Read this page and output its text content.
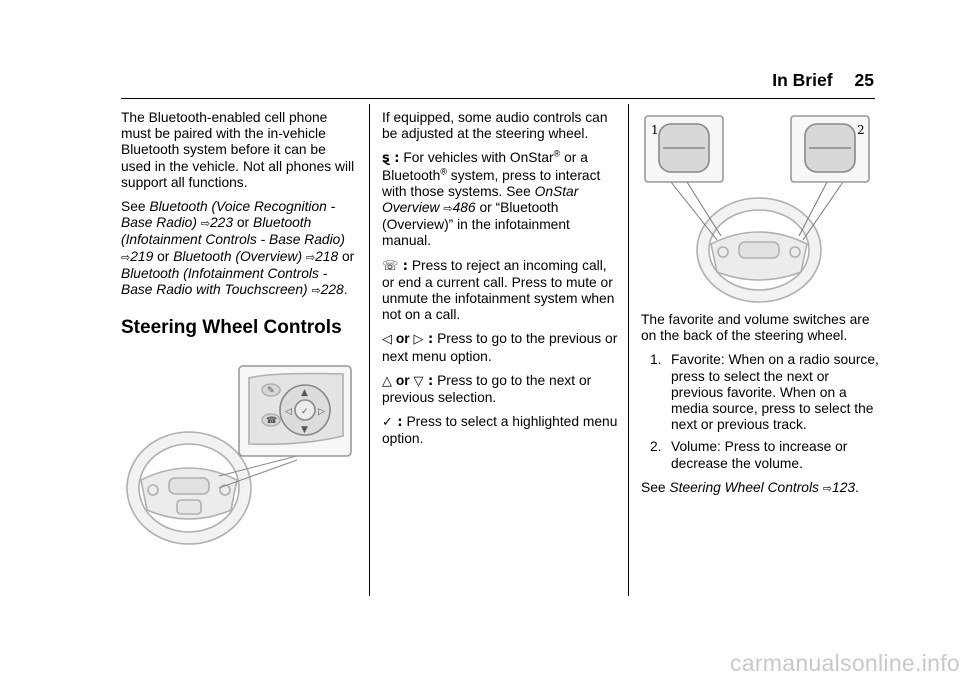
In Brief 25

The Bluetooth-enabled cell phone must be paired with the in-vehicle Bluetooth system before it can be used in the vehicle. Not all phones will support all functions.

See Bluetooth (Voice Recognition - Base Radio) ⇨223 or Bluetooth (Infotainment Controls - Base Radio) ⇨219 or Bluetooth (Overview) ⇨218 or Bluetooth (Infotainment Controls - Base Radio with Touchscreen) ⇨228.

Steering Wheel Controls
✎
☎
▲
▼
◁	▷
✓

If equipped, some audio controls can be adjusted at the steering wheel.

ȿ : For vehicles with OnStar® or a Bluetooth® system, press to interact with those systems. See OnStar Overview ⇨486 or “Bluetooth (Overview)” in the infotainment manual.

☏ : Press to reject an incoming call, or end a current call. Press to mute or unmute the infotainment system when not on a call.

◁ or ▷ : Press to go to the previous or next menu option.

△ or ▽ : Press to go to the next or previous selection.

✓ : Press to select a highlighted menu option.

1	2

The favorite and volume switches are on the back of the steering wheel.

1. Favorite: When on a radio source, press to select the next or previous favorite. When on a media source, press to select the next or previous track.
2. Volume: Press to increase or decrease the volume.

See Steering Wheel Controls ⇨123.

carmanualsonline.info
